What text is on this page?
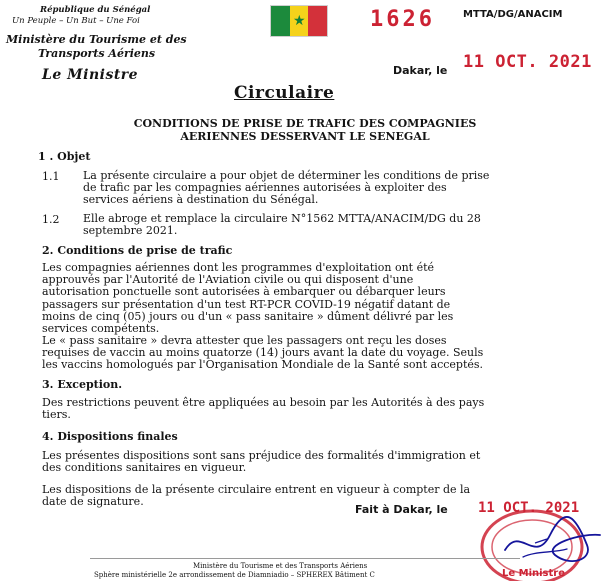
République du Sénégal
Un Peuple – Un But – Une Foi
Ministère du Tourisme et des
Transports Aériens
Le Ministre
★	1626	MTTA/DG/ANACIM
Dakar, le 11 OCT. 2021
Circulaire
CONDITIONS DE PRISE DE TRAFIC DES COMPAGNIES
AERIENNES DESSERVANT LE SENEGAL
1 . Objet
1.1 La présente circulaire a pour objet de déterminer les conditions de prise
de trafic par les compagnies aériennes autorisées à exploiter des
services aériens à destination du Sénégal.
1.2 Elle abroge et remplace la circulaire N°1562 MTTA/ANACIM/DG du 28
septembre 2021.
2. Conditions de prise de trafic
Les compagnies aériennes dont les programmes d'exploitation ont été
approuvés par l'Autorité de l'Aviation civile ou qui disposent d'une
autorisation ponctuelle sont autorisées à embarquer ou débarquer leurs
passagers sur présentation d'un test RT-PCR COVID-19 négatif datant de
moins de cinq (05) jours ou d'un « pass sanitaire » dûment délivré par les
services compétents.
Le « pass sanitaire » devra attester que les passagers ont reçu les doses
requises de vaccin au moins quatorze (14) jours avant la date du voyage. Seuls
les vaccins homologués par l'Organisation Mondiale de la Santé sont acceptés.
3. Exception.
Des restrictions peuvent être appliquées au besoin par les Autorités à des pays
tiers.
4. Dispositions finales
Les présentes dispositions sont sans préjudice des formalités d'immigration et
des conditions sanitaires en vigueur.
Les dispositions de la présente circulaire entrent en vigueur à compter de la
date de signature.
Fait à Dakar, le
Le Ministre
11 OCT. 2021
Ministère du Tourisme et des Transports Aériens
Sphère ministérielle 2e arrondissement de Diamniadio – SPHEREX Bâtiment C
